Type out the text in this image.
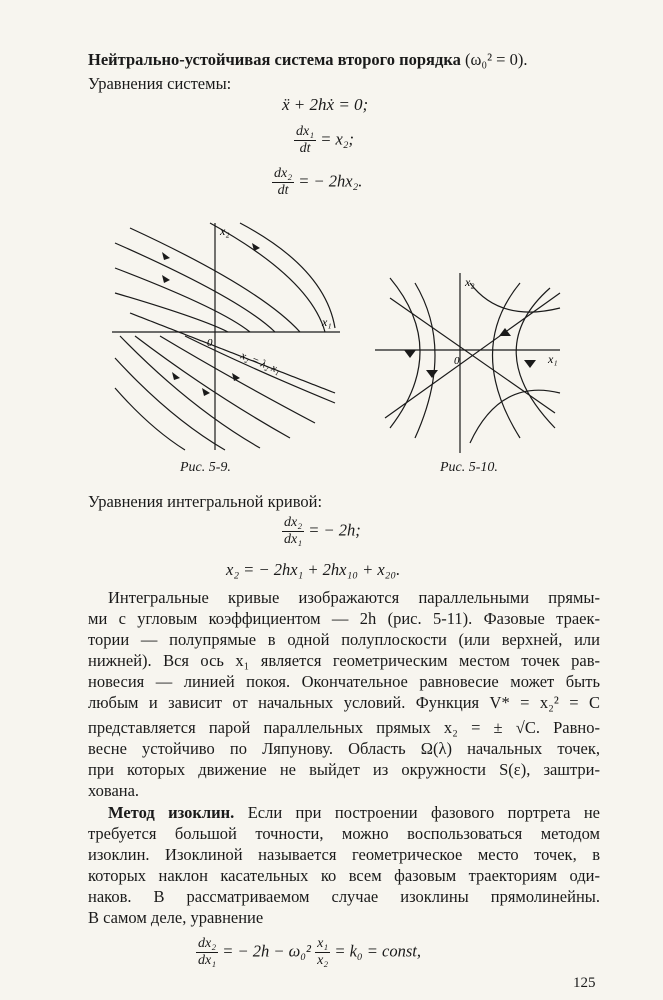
Нейтрально-устойчивая система второго порядка (ω₀² = 0).
Уравнения системы:
ẍ + 2hẋ = 0;
$\frac{\text{dx₁}}{dt} = x_2$;
$\frac{\text{dx₂}}{dt}$ = − 2hx₂.
x₂
x₁
0
x₂ = λ₂ x₁
Рис. 5-9.
x₂
x₁
0
Рис. 5-10.
Уравнения интегральной кривой:
$\frac{\text{dx₂}}{\text{dx₁}}$ = − 2h;
x₂ = − 2hx₁ + 2hx₁₀ + x₂₀.
Интегральные кривые изображаются параллельными прямы-
ми с угловым коэффициентом — 2h (рис. 5-11). Фазовые траек-
тории — полупрямые в одной полуплоскости (или верхней, или
нижней). Вся ось x₁ является геометрическим местом точек рав-
новесия — линией покоя. Окончательное равновесие может быть
любым и зависит от начальных условий. Функция V* = x₂² = C
представляется парой параллельных прямых x₂ = ± √C. Равно-
весне устойчиво по Ляпунову. Область Ω(λ) начальных точек,
при которых движение не выйдет из окружности S(ε), заштри-
хована.
Метод изоклин. Если при построении фазового портрета не
требуется большой точности, можно воспользоваться методом
изоклин. Изоклиной называется геометрическое место точек, в
которых наклон касательных ко всем фазовым траекториям оди-
наков. В рассматриваемом случае изоклины прямолинейны.
В самом деле, уравнение
$\frac{\text{dx₂}}{\text{dx₁}}$ = − $2h - \omega_0^2 \frac{\text{x₁}}{\text{x₂}} = k_0$ = const,
125
